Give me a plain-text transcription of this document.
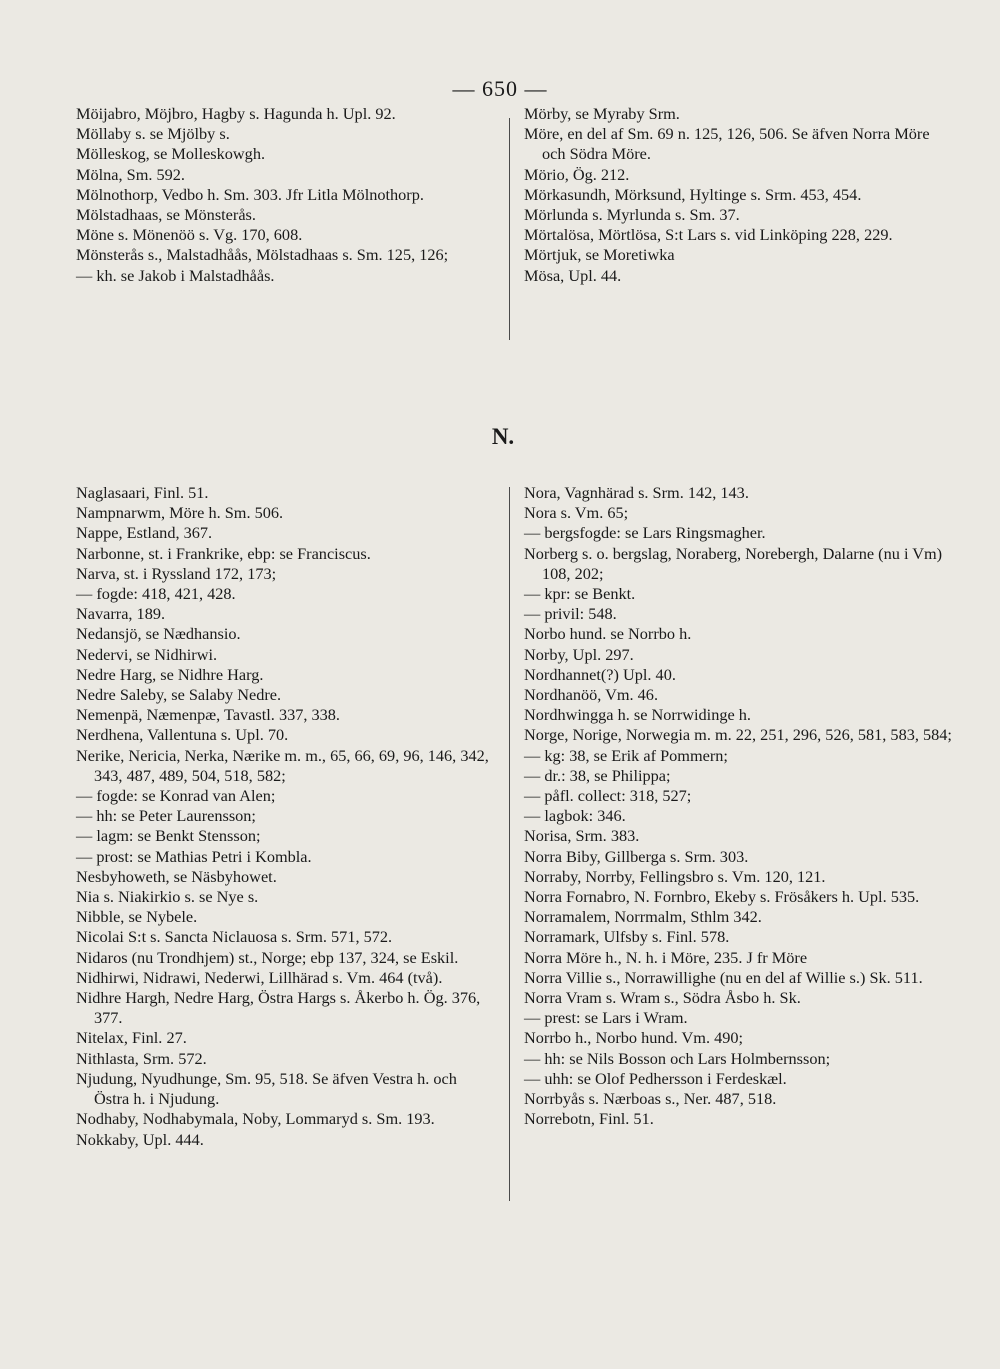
— 650 —
Möijabro, Möjbro, Hagby s. Hagunda h. Upl. 92.
Möllaby s. se Mjölby s.
Mölleskog, se Molleskowgh.
Mölna, Sm. 592.
Mölnothorp, Vedbo h. Sm. 303. Jfr Litla Mölnothorp.
Mölstadhaas, se Mönsterås.
Möne s. Mönenöö s. Vg. 170, 608.
Mönsterås s., Malstadhåås, Mölstadhaas s. Sm. 125, 126;
— kh. se Jakob i Malstadhåås.
Mörby, se Myraby Srm.
Möre, en del af Sm. 69 n. 125, 126, 506. Se äfven Norra Möre och Södra Möre.
Mörio, Ög. 212.
Mörkasundh, Mörksund, Hyltinge s. Srm. 453, 454.
Mörlunda s. Myrlunda s. Sm. 37.
Mörtalösa, Mörtlösa, S:t Lars s. vid Linköping 228, 229.
Mörtjuk, se Moretiwka
Mösa, Upl. 44.
N.
Naglasaari, Finl. 51.
Nampnarwm, Möre h. Sm. 506.
Nappe, Estland, 367.
Narbonne, st. i Frankrike, ebp: se Franciscus.
Narva, st. i Ryssland 172, 173;
— fogde: 418, 421, 428.
Navarra, 189.
Nedansjö, se Nædhansio.
Nedervi, se Nidhirwi.
Nedre Harg, se Nidhre Harg.
Nedre Saleby, se Salaby Nedre.
Nemenpä, Næmenpæ, Tavastl. 337, 338.
Nerdhena, Vallentuna s. Upl. 70.
Nerike, Nericia, Nerka, Nærike m. m., 65, 66, 69, 96, 146, 342, 343, 487, 489, 504, 518, 582;
— fogde: se Konrad van Alen;
— hh: se Peter Laurensson;
— lagm: se Benkt Stensson;
— prost: se Mathias Petri i Kombla.
Nesbyhoweth, se Näsbyhowet.
Nia s. Niakirkio s. se Nye s.
Nibble, se Nybele.
Nicolai S:t s. Sancta Niclauosa s. Srm. 571, 572.
Nidaros (nu Trondhjem) st., Norge; ebp 137, 324, se Eskil.
Nidhirwi, Nidrawi, Nederwi, Lillhärad s. Vm. 464 (två).
Nidhre Hargh, Nedre Harg, Östra Hargs s. Åkerbo h. Ög. 376, 377.
Nitelax, Finl. 27.
Nithlasta, Srm. 572.
Njudung, Nyudhunge, Sm. 95, 518. Se äfven Vestra h. och Östra h. i Njudung.
Nodhaby, Nodhabymala, Noby, Lommaryd s. Sm. 193.
Nokkaby, Upl. 444.
Nora, Vagnhärad s. Srm. 142, 143.
Nora s. Vm. 65;
— bergsfogde: se Lars Ringsmagher.
Norberg s. o. bergslag, Noraberg, Norebergh, Dalarne (nu i Vm) 108, 202;
— kpr: se Benkt.
— privil: 548.
Norbo hund. se Norrbo h.
Norby, Upl. 297.
Nordhannet(?) Upl. 40.
Nordhanöö, Vm. 46.
Nordhwingga h. se Norrwidinge h.
Norge, Norige, Norwegia m. m. 22, 251, 296, 526, 581, 583, 584;
— kg: 38, se Erik af Pommern;
— dr.: 38, se Philippa;
— påfl. collect: 318, 527;
— lagbok: 346.
Norisa, Srm. 383.
Norra Biby, Gillberga s. Srm. 303.
Norraby, Norrby, Fellingsbro s. Vm. 120, 121.
Norra Fornabro, N. Fornbro, Ekeby s. Frösåkers h. Upl. 535.
Norramalem, Norrmalm, Sthlm 342.
Norramark, Ulfsby s. Finl. 578.
Norra Möre h., N. h. i Möre, 235. J fr Möre
Norra Villie s., Norrawillighe (nu en del af Willie s.) Sk. 511.
Norra Vram s. Wram s., Södra Åsbo h. Sk.
— prest: se Lars i Wram.
Norrbo h., Norbo hund. Vm. 490;
— hh: se Nils Bosson och Lars Holmbernsson;
— uhh: se Olof Pedhersson i Ferdeskæl.
Norrbyås s. Nærboas s., Ner. 487, 518.
Norrebotn, Finl. 51.
